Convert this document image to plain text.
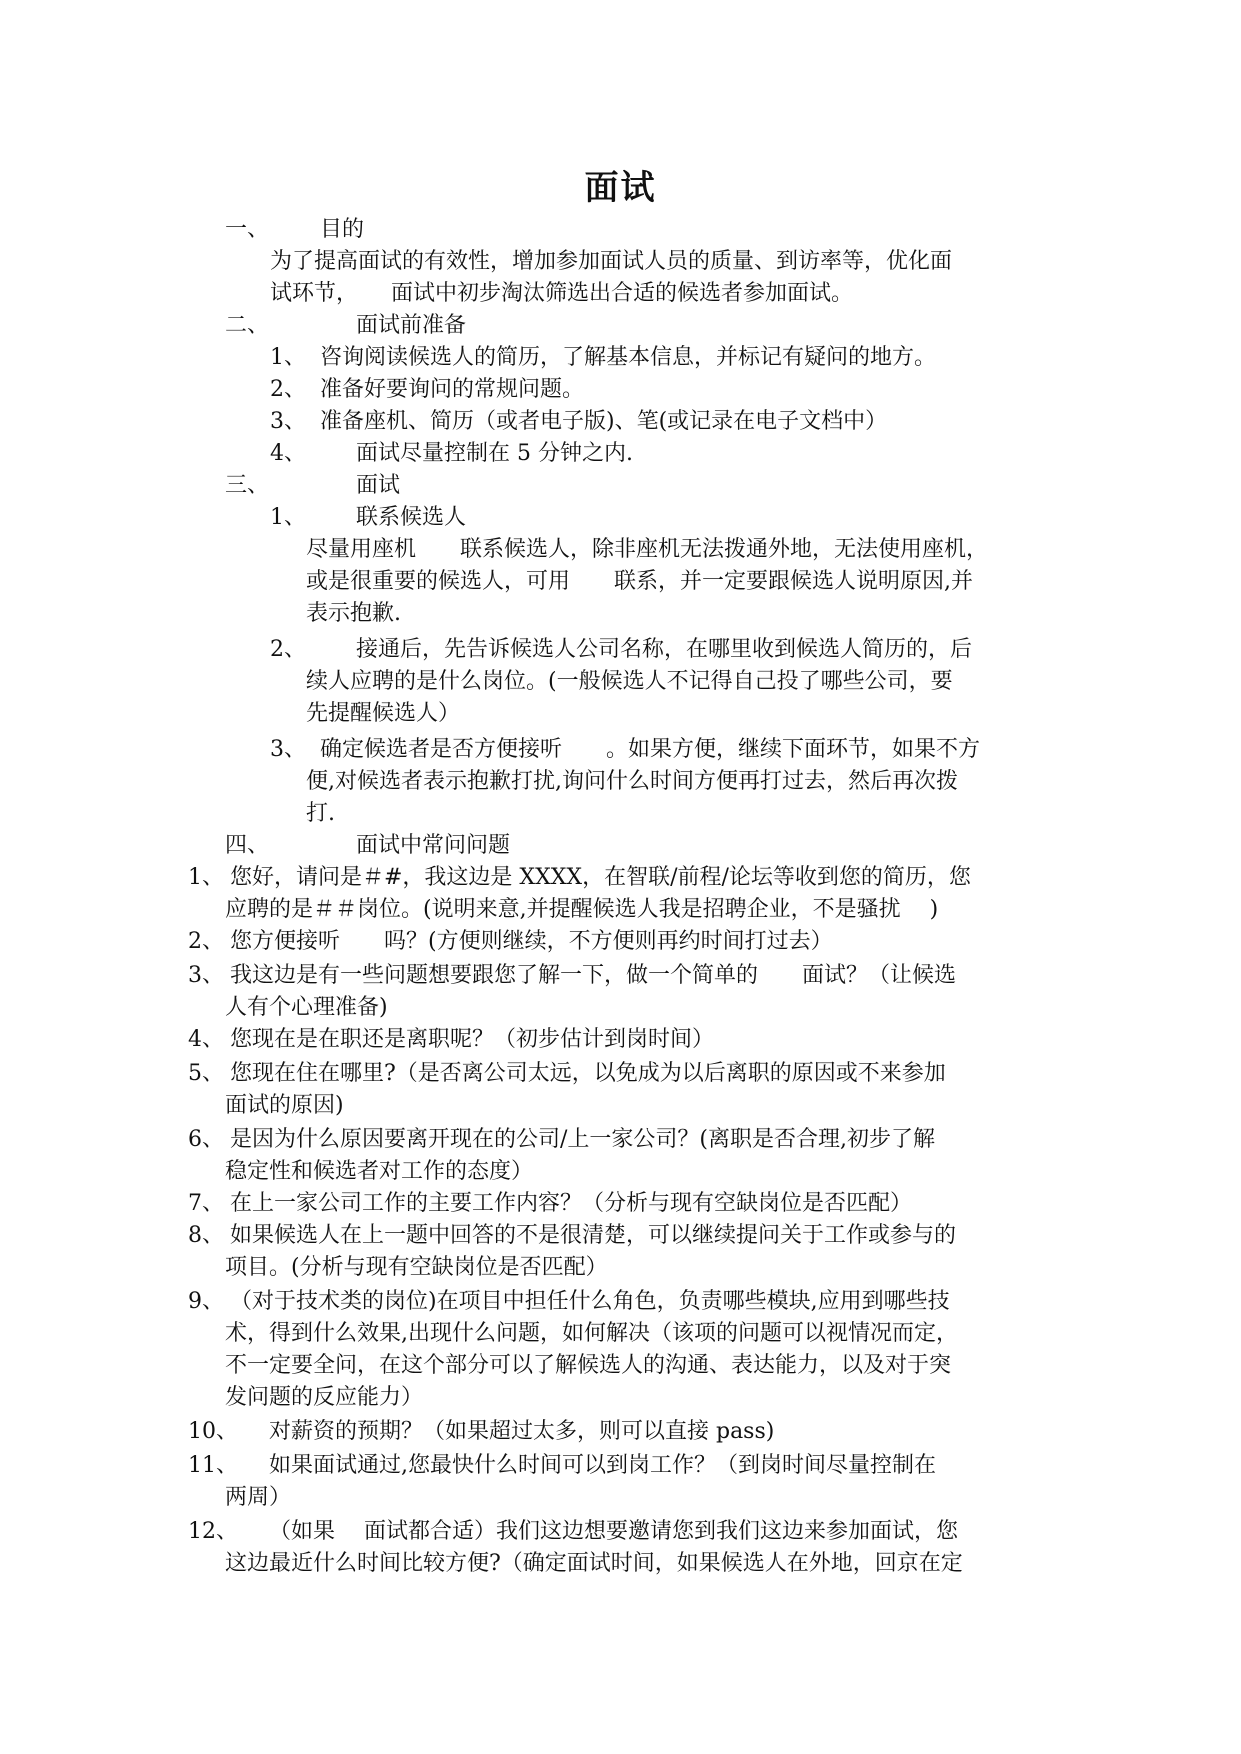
面试
一、 目的
为了提高面试的有效性，增加参加面试人员的质量、到访率等，优化面
试环节，　　面试中初步淘汰筛选出合适的候选者参加面试。
二、	面试前准备
1、 咨询阅读候选人的简历，了解基本信息，并标记有疑问的地方。
2、 准备好要询问的常规问题。
3、 准备座机、简历（或者电子版)、笔(或记录在电子文档中）
4、 面试尽量控制在 5 分钟之内.
三、	面试
1、 联系候选人
尽量用座机　　联系候选人，除非座机无法拨通外地，无法使用座机，
或是很重要的候选人，可用　　联系，并一定要跟候选人说明原因,并
表示抱歉.
2、 接通后，先告诉候选人公司名称，在哪里收到候选人简历的，后
续人应聘的是什么岗位。(一般候选人不记得自己投了哪些公司，要
先提醒候选人）
3、 确定候选者是否方便接听　　。如果方便，继续下面环节，如果不方
便,对候选者表示抱歉打扰,询问什么时间方便再打过去，然后再次拨
打.
四、	面试中常问问题
1、 您好，请问是＃#，我这边是 XXXX，在智联/前程/论坛等收到您的简历，您
应聘的是＃＃岗位。(说明来意,并提醒候选人我是招聘企业，不是骚扰　 )
2、 您方便接听　　吗？(方便则继续，不方便则再约时间打过去）
3、 我这边是有一些问题想要跟您了解一下，做一个简单的　　面试？（让候选
人有个心理准备)
4、 您现在是在职还是离职呢？（初步估计到岗时间）
5、 您现在住在哪里?（是否离公司太远，以免成为以后离职的原因或不来参加
面试的原因)
6、 是因为什么原因要离开现在的公司/上一家公司？(离职是否合理,初步了解
稳定性和候选者对工作的态度）
7、 在上一家公司工作的主要工作内容？（分析与现有空缺岗位是否匹配）
8、 如果候选人在上一题中回答的不是很清楚，可以继续提问关于工作或参与的
项目。(分析与现有空缺岗位是否匹配）
9、 （对于技术类的岗位)在项目中担任什么角色，负责哪些模块,应用到哪些技
术，得到什么效果,出现什么问题，如何解决（该项的问题可以视情况而定，
不一定要全问，在这个部分可以了解候选人的沟通、表达能力，以及对于突
发问题的反应能力）
10、 　 对薪资的预期？（如果超过太多，则可以直接 pass)
11、 　 如果面试通过,您最快什么时间可以到岗工作？（到岗时间尽量控制在
两周）
12、 　 （如果　 面试都合适）我们这边想要邀请您到我们这边来参加面试，您
这边最近什么时间比较方便?（确定面试时间，如果候选人在外地，回京在定
